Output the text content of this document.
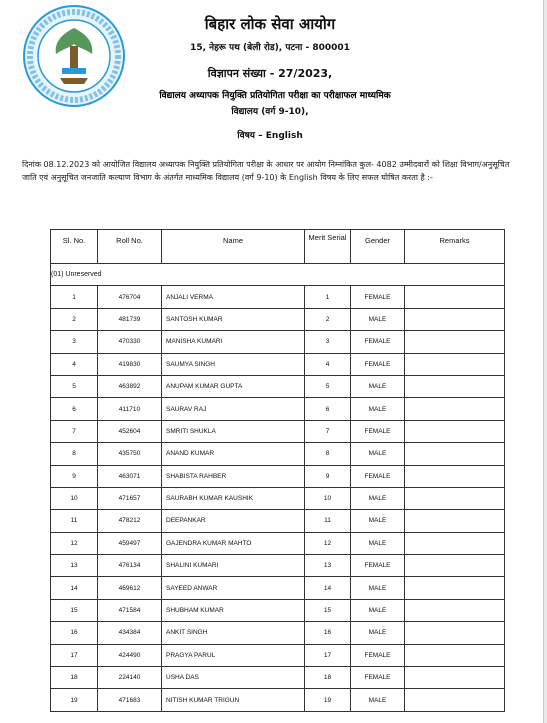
बिहार लोक सेवा आयोग
15, नेहरू पथ (बेली रोड), पटना - 800001
विज्ञापन संख्या - 27/2023,
विद्यालय अध्यापक नियुक्ति प्रतियोगिता परीक्षा का परीक्षाफल माध्यमिक
विद्यालय (वर्ग 9-10),
विषय – English
दिनांक 08.12.2023 को आयोजित विद्यालय अध्यापक नियुक्ति प्रतियोगिता परीक्षा के आधार पर आयोग निम्नांकित कुल- 4082 उम्मीदवारों को शिक्षा विभाग/अनुसूचित जाति एवं अनुसूचित जनजाति कल्याण विभाग के अंतर्गत माध्यमिक विद्यालय (वर्ग 9-10) के English विषय के लिए सफल घोषित करता है :-
Sl. No.	Roll No.	Name	Merit Serial	Gender	Remarks
(01) Unreserved					
1	476704	ANJALI VERMA	1	FEMALE	
2	481739	SANTOSH KUMAR	2	MALE	
3	470330	MANISHA KUMARI	3	FEMALE	
4	419830	SAUMYA SINGH	4	FEMALE	
5	463892	ANUPAM KUMAR GUPTA	5	MALE	
6	411710	SAURAV RAJ	6	MALE	
7	452604	SMRITI SHUKLA	7	FEMALE	
8	435750	ANAND KUMAR	8	MALE	
9	463071	SHABISTA RAHBER	9	FEMALE	
10	471657	SAURABH KUMAR KAUSHIK	10	MALE	
11	478212	DEEPANKAR	11	MALE	
12	459497	GAJENDRA KUMAR MAHTO	12	MALE	
13	476134	SHALINI KUMARI	13	FEMALE	
14	469612	SAYEED ANWAR	14	MALE	
15	471584	SHUBHAM KUMAR	15	MALE	
16	434384	ANKIT SINGH	16	MALE	
17	424490	PRAGYA PARUL	17	FEMALE	
18	224140	USHA DAS	18	FEMALE	
19	471683	NITISH KUMAR TRIGUN	19	MALE	
